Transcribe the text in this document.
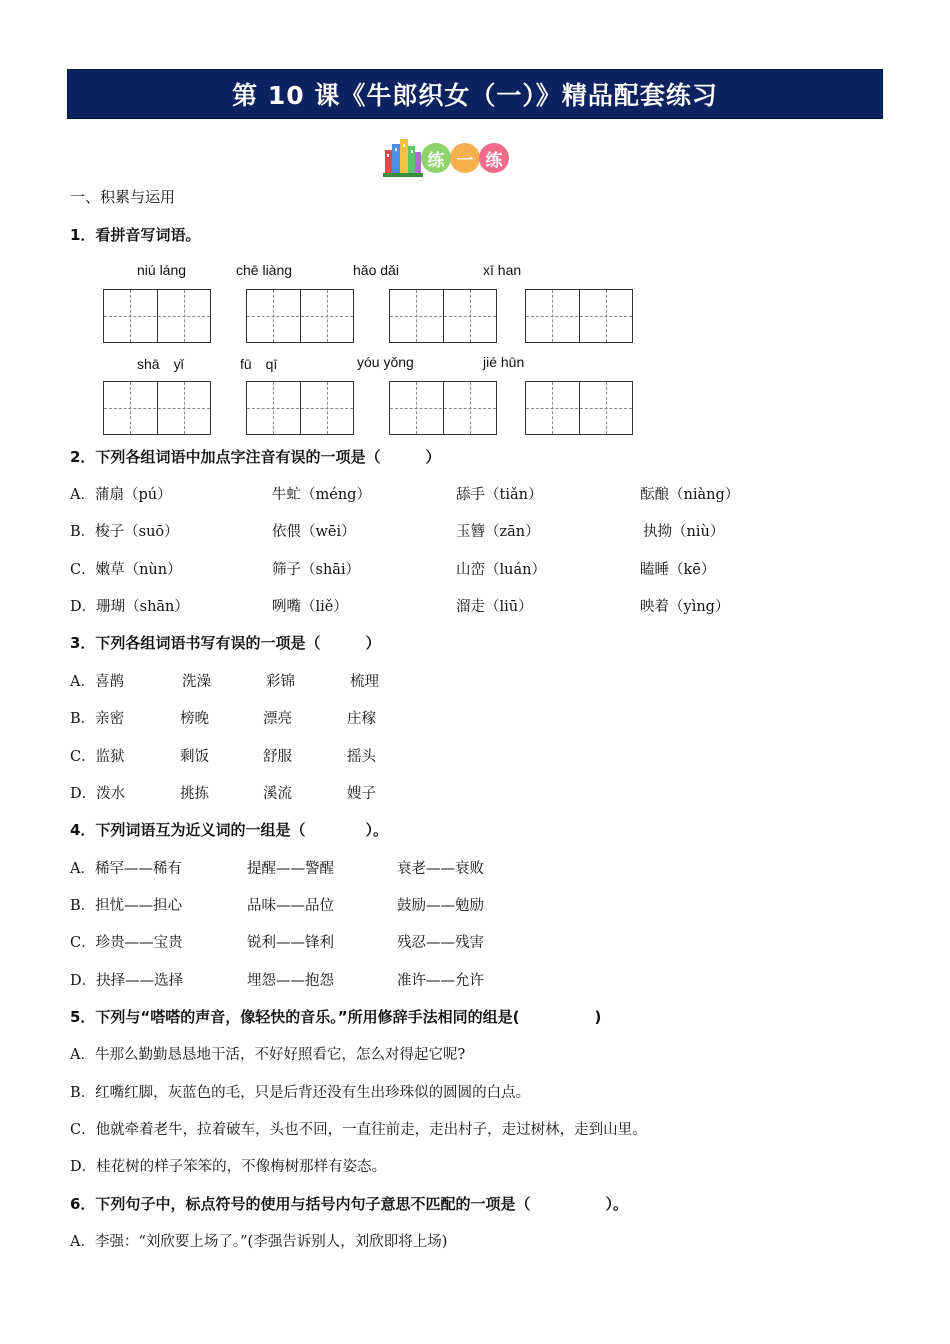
第 10 课《牛郎织女（一）》精品配套练习
练 一 练
一、积累与运用
1．看拼音写词语。
niú láng	chē liàng	hǎo dǎi	xī han
shā　yǐ	fū　qī	yóu yǒng	jié hūn
2．下列各组词语中加点字注音有误的一项是（　　　）
A．蒲扇（pú）	牛虻（méng）	舔手（tiǎn）	酝酿（niàng）
B．梭子（suō）	依偎（wēi）	玉簪（zān）	执拗（niù）
C．嫩草（nùn）	筛子（shāi）	山峦（luán）	瞌睡（kē）
D．珊瑚（shān）	咧嘴（liě）	溜走（liū）	映着（yìng）
3．下列各组词语书写有误的一项是（　　　）
A．喜鹊	洗澡	彩锦	梳理
B．亲密	榜晚	漂亮	庄稼
C．监狱	剩饭	舒服	摇头
D．泼水	挑拣	溪流	嫂子
4．下列词语互为近义词的一组是（　　　　）。
A．稀罕——稀有	提醒——警醒	衰老——衰败
B．担忧——担心	品味——品位	鼓励——勉励
C．珍贵——宝贵	锐利——锋利	残忍——残害
D．抉择——选择	埋怨——抱怨	准许——允许
5．下列与“嗒嗒的声音，像轻快的音乐。”所用修辞手法相同的组是(　　　　　)
A．牛那么勤勤恳恳地干活，不好好照看它，怎么对得起它呢?
B．红嘴红脚，灰蓝色的毛，只是后背还没有生出珍珠似的圆圆的白点。
C．他就牵着老牛，拉着破车，头也不回，一直往前走，走出村子，走过树林，走到山里。
D．桂花树的样子笨笨的，不像梅树那样有姿态。
6．下列句子中，标点符号的使用与括号内句子意思不匹配的一项是（　　　　　）。
A．李强：“刘欣要上场了。”(李强告诉别人，刘欣即将上场)
